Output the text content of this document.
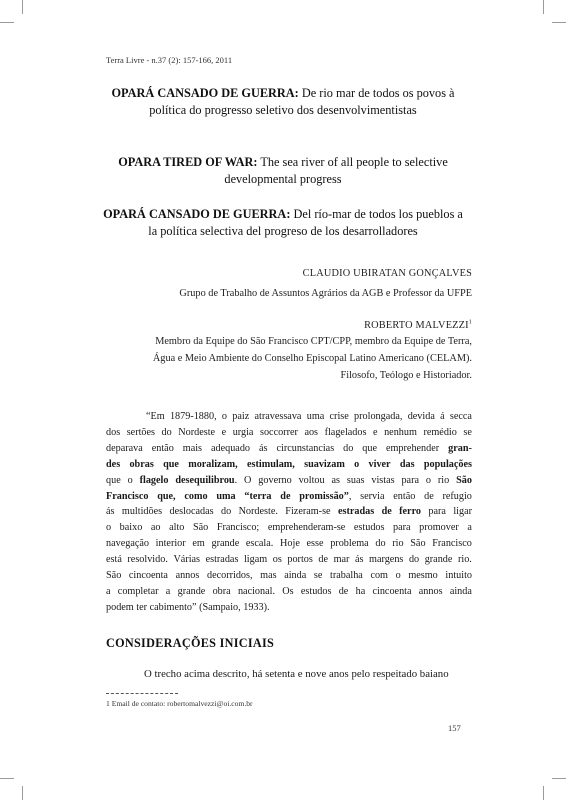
Terra Livre - n.37 (2): 157-166, 2011
OPARÁ CANSADO DE GUERRA: De rio mar de todos os povos à política do progresso seletivo dos desenvolvimentistas
OPARA TIRED OF WAR: The sea river of all people to selective developmental progress
OPARÁ CANSADO DE GUERRA: Del río-mar de todos los pueblos a la política selectiva del progreso de los desarrolladores
CLAUDIO UBIRATAN GONÇALVES
Grupo de Trabalho de Assuntos Agrários da AGB e Professor da UFPE
ROBERTO MALVEZZI$^1$
Membro da Equipe do São Francisco CPT/CPP, membro da Equipe de Terra,
Água e Meio Ambiente do Conselho Episcopal Latino Americano (CELAM).
Filosofo, Teólogo e Historiador.
“Em 1879-1880, o paiz atravessava uma crise prolongada, devida á secca
dos sertões do Nordeste e urgia soccorrer aos flagelados e nenhum remédio se
deparava então mais adequado ás circunstancias do que emprehender gran-
des obras que moralizam, estimulam, suavizam o viver das populações
que o flagelo desequilibrou. O governo voltou as suas vistas para o rio São
Francisco que, como uma “terra de promissão”, servia então de refugio
ás multidões deslocadas do Nordeste. Fizeram-se estradas de ferro para ligar
o baixo ao alto São Francisco; emprehenderam-se estudos para promover a
navegação interior em grande escala. Hoje esse problema do rio São Francisco
está resolvido. Várias estradas ligam os portos de mar ás margens do grande rio.
São cincoenta annos decorridos, mas ainda se trabalha com o mesmo intuito
a completar a grande obra nacional. Os estudos de ha cincoenta annos ainda
podem ter cabimento” (Sampaio, 1933).
CONSIDERAÇÕES INICIAIS
O trecho acima descrito, há setenta e nove anos pelo respeitado baiano
1 Email de contato: robertomalvezzi@oi.com.br
157
